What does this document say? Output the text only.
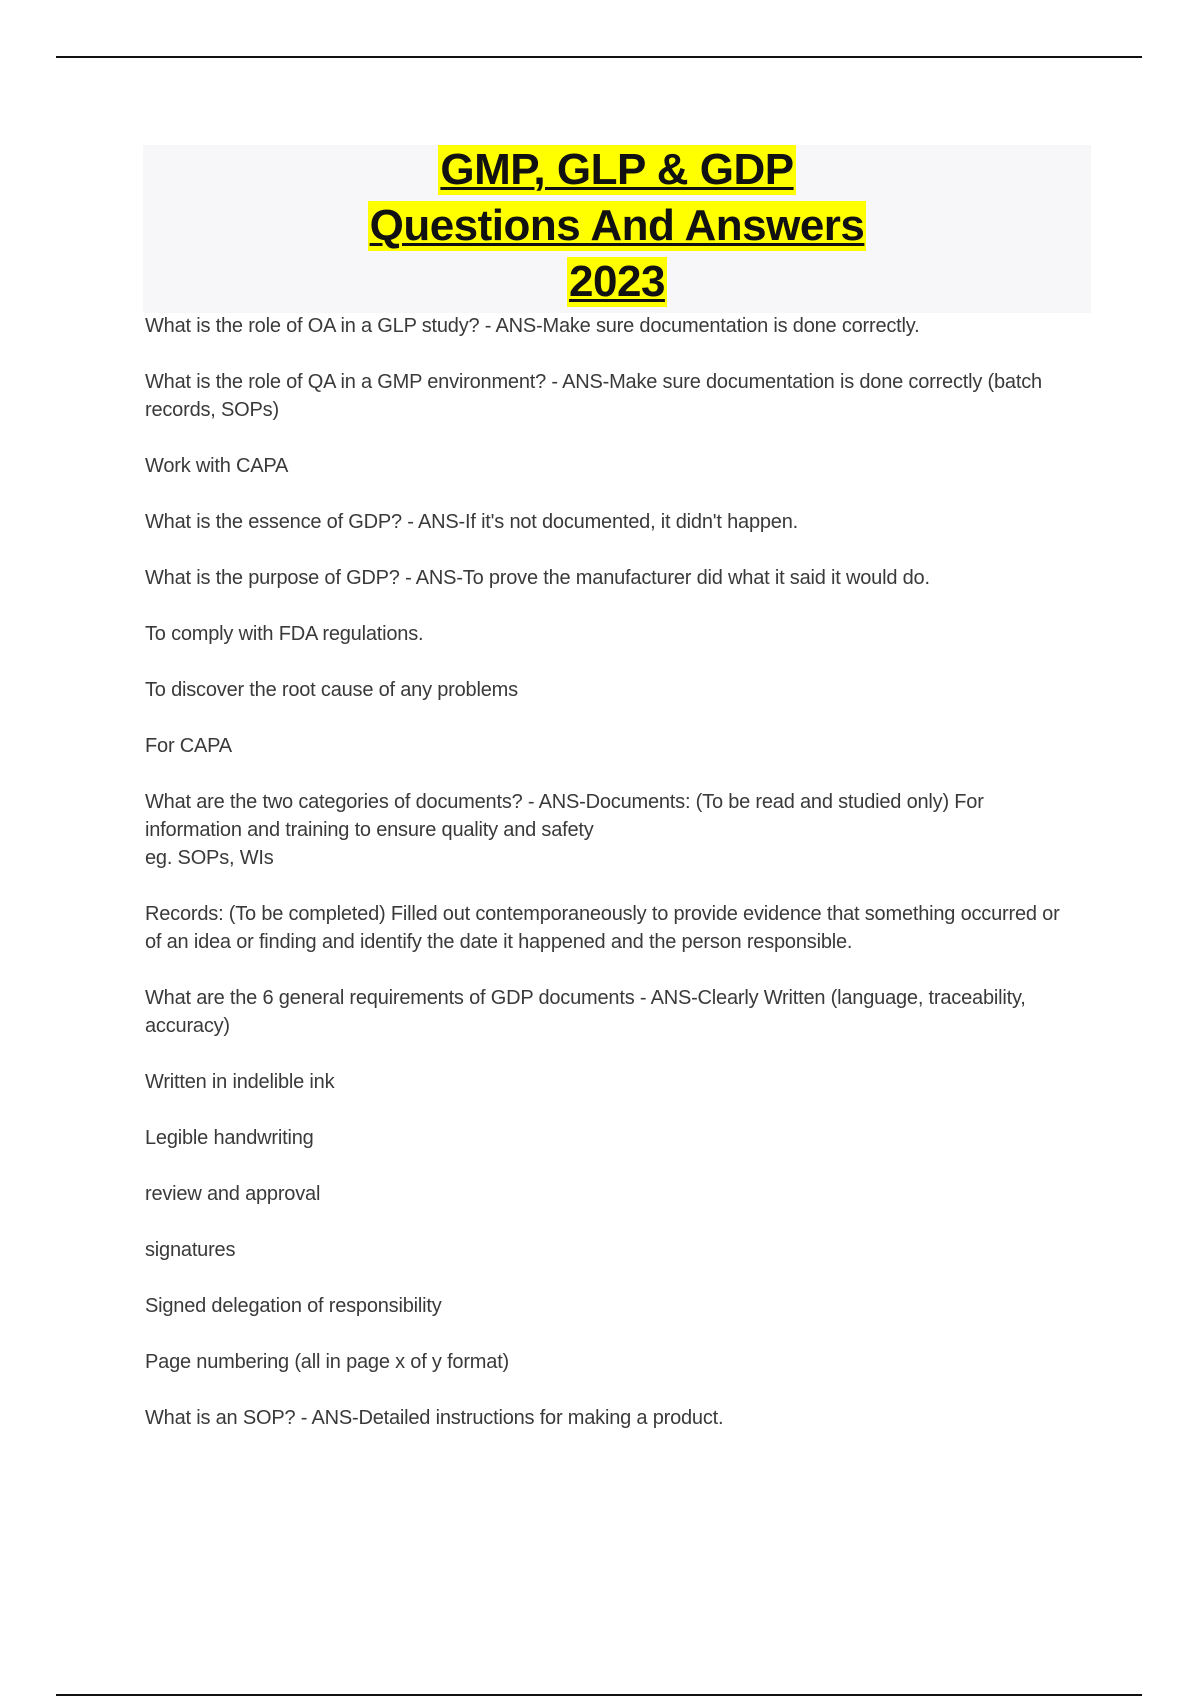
GMP, GLP & GDP
Questions And Answers
2023

What is the role of OA in a GLP study? - ANS-Make sure documentation is done correctly.

What is the role of QA in a GMP environment? - ANS-Make sure documentation is done correctly (batch
records, SOPs)

Work with CAPA

What is the essence of GDP? - ANS-If it's not documented, it didn't happen.

What is the purpose of GDP? - ANS-To prove the manufacturer did what it said it would do.

To comply with FDA regulations.

To discover the root cause of any problems

For CAPA

What are the two categories of documents? - ANS-Documents: (To be read and studied only) For
information and training to ensure quality and safety
eg. SOPs, WIs

Records: (To be completed) Filled out contemporaneously to provide evidence that something occurred or
of an idea or finding and identify the date it happened and the person responsible.

What are the 6 general requirements of GDP documents - ANS-Clearly Written (language, traceability,
accuracy)

Written in indelible ink

Legible handwriting

review and approval

signatures

Signed delegation of responsibility

Page numbering (all in page x of y format)

What is an SOP? - ANS-Detailed instructions for making a product.
